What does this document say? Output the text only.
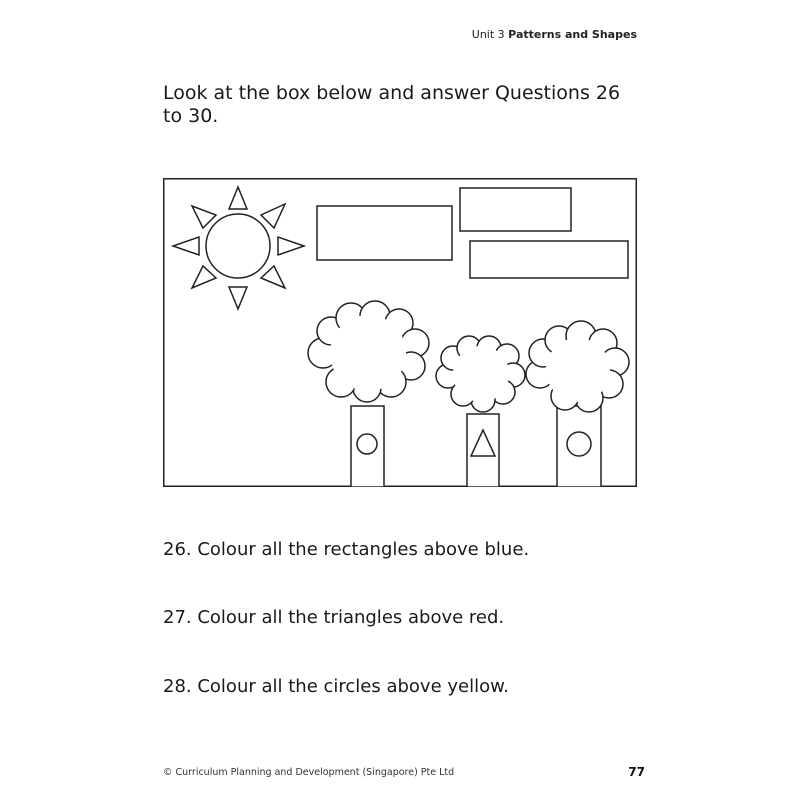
Unit 3 Patterns and Shapes
Look at the box below and answer Questions 26 to 30.
26. Colour all the rectangles above blue.
27. Colour all the triangles above red.
28. Colour all the circles above yellow.
© Curriculum Planning and Development (Singapore) Pte Ltd	77
